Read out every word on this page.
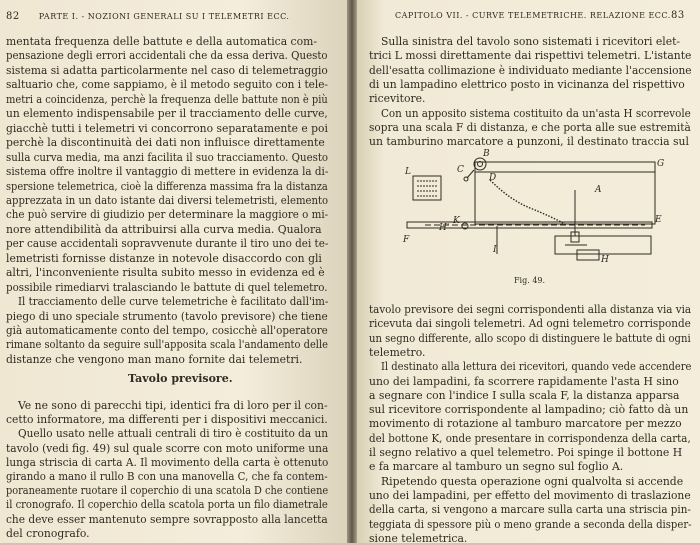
82 PARTE I. - NOZIONI GENERALI SU I TELEMETRI ECC.
mentata frequenza delle battute e della automatica com-
pensazione degli errori accidentali che da essa deriva. Questo
sistema si adatta particolarmente nel caso di telemetraggio
saltuario che, come sappiamo, è il metodo seguito con i tele-
metri a coincidenza, perchè la frequenza delle battute non è più
un elemento indispensabile per il tracciamento delle curve,
giacchè tutti i telemetri vi concorrono separatamente e poi
perchè la discontinuità dei dati non influisce direttamente
sulla curva media, ma anzi facilita il suo tracciamento. Questo
sistema offre inoltre il vantaggio di mettere in evidenza la di-
spersione telemetrica, cioè la differenza massima fra la distanza
apprezzata in un dato istante dai diversi telemetristi, elemento
che può servire di giudizio per determinare la maggiore o mi-
nore attendibilità da attribuirsi alla curva media. Qualora
per cause accidentali sopravvenute durante il tiro uno dei te-
lemetristi fornisse distanze in notevole disaccordo con gli
altri, l'inconveniente risulta subito messo in evidenza ed è
possibile rimediarvi tralasciando le battute di quel telemetro.
Il tracciamento delle curve telemetriche è facilitato dall'im-
piego di uno speciale strumento (tavolo previsore) che tiene
già automaticamente conto del tempo, cosicchè all'operatore
rimane soltanto da seguire sull'apposita scala l'andamento delle
distanze che vengono man mano fornite dai telemetri.
Tavolo previsore.
Ve ne sono di parecchi tipi, identici fra di loro per il con-
cetto informatore, ma differenti per i dispositivi meccanici.
Quello usato nelle attuali centrali di tiro è costituito da un
tavolo (vedi fig. 49) sul quale scorre con moto uniforme una
lunga striscia di carta A. Il movimento della carta è ottenuto
girando a mano il rullo B con una manovella C, che fa contem-
poraneamente ruotare il coperchio di una scatola D che contiene
il cronografo. Il coperchio della scatola porta un filo diametrale
che deve esser mantenuto sempre sovrapposto alla lancetta
del cronografo.
CAPITOLO VII. - CURVE TELEMETRICHE. RELAZIONE ECC. 83
Sulla sinistra del tavolo sono sistemati i ricevitori elet-
trici L mossi direttamente dai rispettivi telemetri. L'istante
dell'esatta collimazione è individuato mediante l'accensione
di un lampadino elettrico posto in vicinanza del rispettivo
ricevitore.
Con un apposito sistema costituito da un'asta H scorrevole
sopra una scala F di distanza, e che porta alle sue estremità
un tamburino marcatore a punzoni, il destinato traccia sul
B
C
D
A
L
K
F
I
H
H'
G
E
Fig. 49.
tavolo previsore dei segni corrispondenti alla distanza via via
ricevuta dai singoli telemetri. Ad ogni telemetro corrisponde
un segno differente, allo scopo di distinguere le battute di ogni
telemetro.
Il destinato alla lettura dei ricevitori, quando vede accendere
uno dei lampadini, fa scorrere rapidamente l'asta H sino
a segnare con l'indice I sulla scala F, la distanza apparsa
sul ricevitore corrispondente al lampadino; ciò fatto dà un
movimento di rotazione al tamburo marcatore per mezzo
del bottone K, onde presentare in corrispondenza della carta,
il segno relativo a quel telemetro. Poi spinge il bottone H
e fa marcare al tamburo un segno sul foglio A.
Ripetendo questa operazione ogni qualvolta si accende
uno dei lampadini, per effetto del movimento di traslazione
della carta, si vengono a marcare sulla carta una striscia pin-
teggiata di spessore più o meno grande a seconda della disper-
sione telemetrica.
